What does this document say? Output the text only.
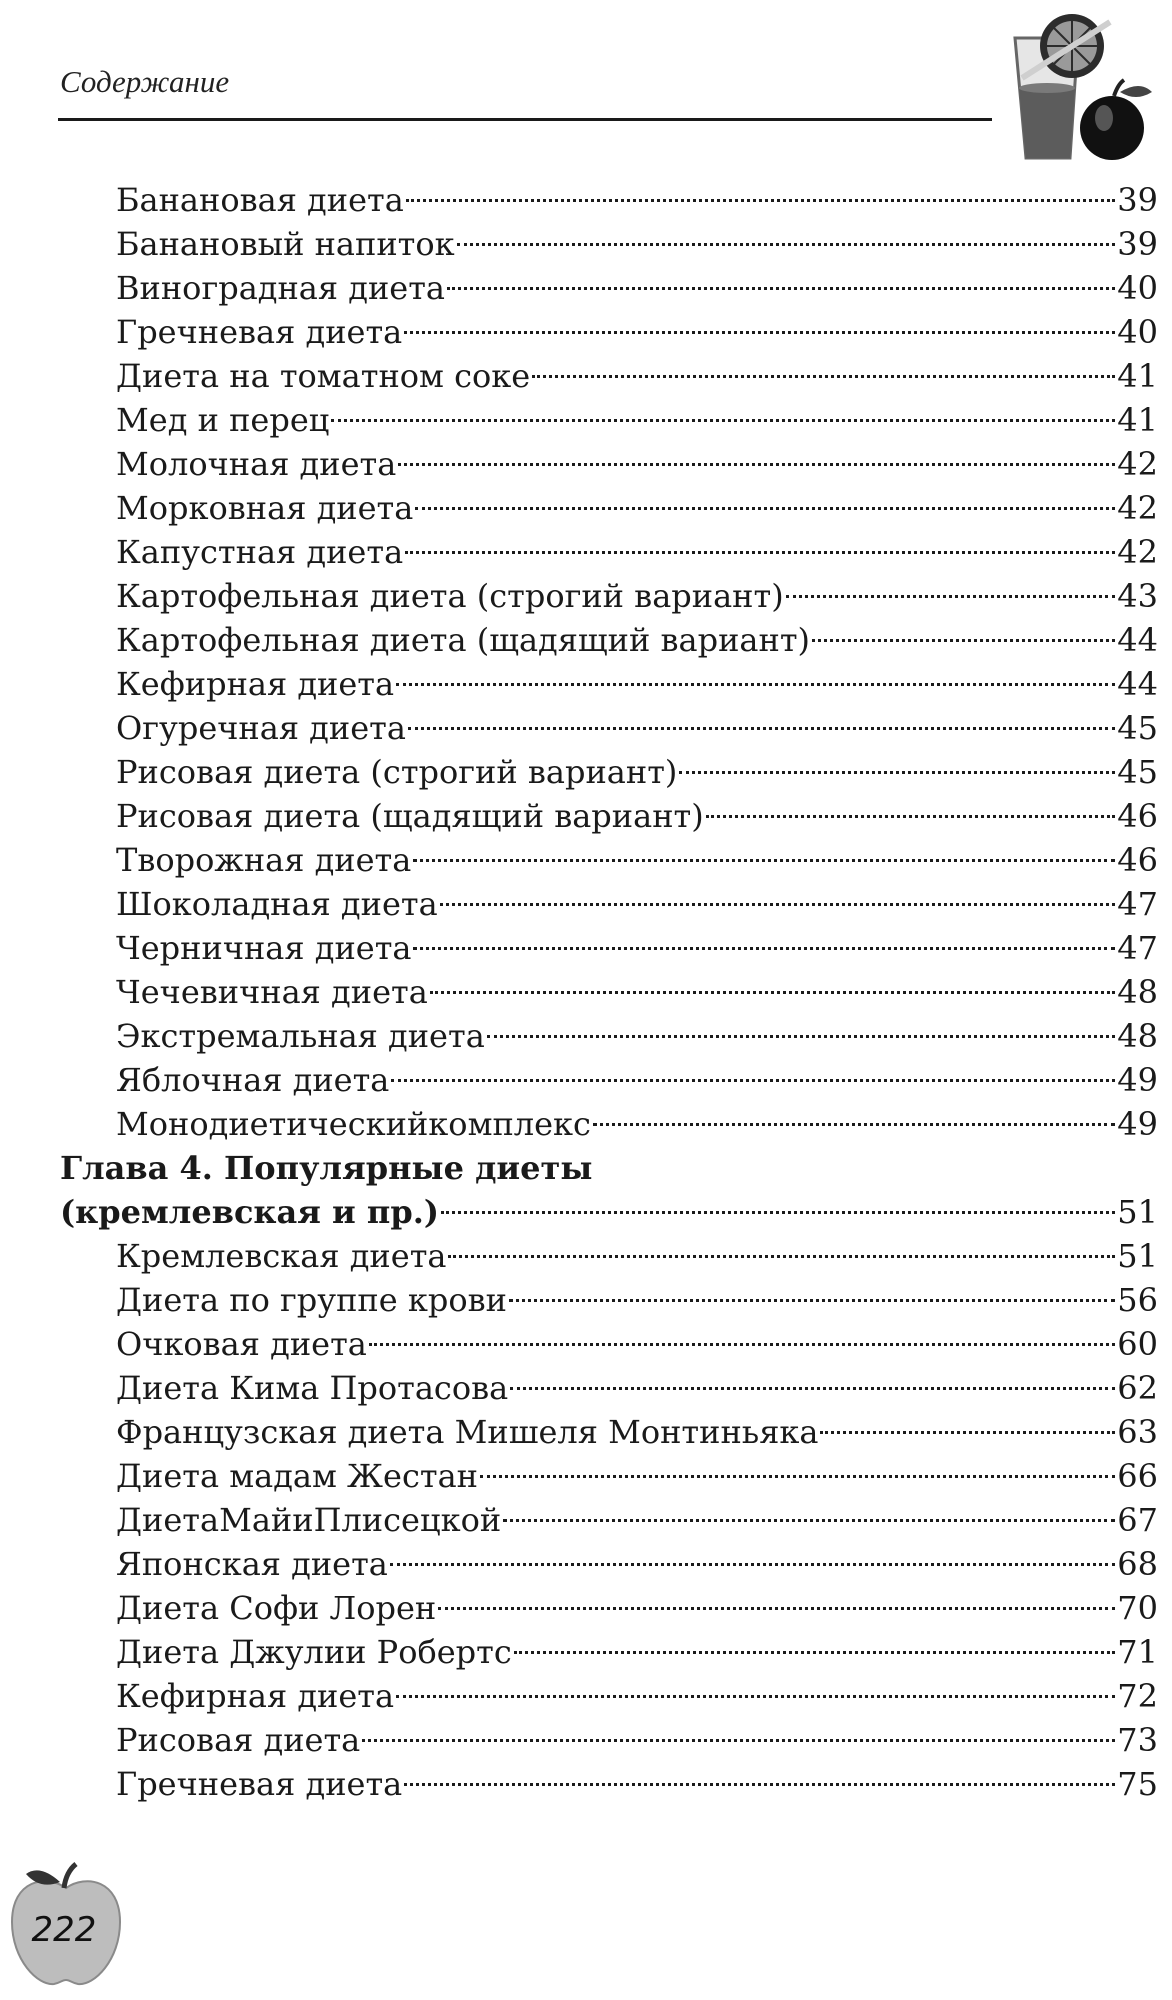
Содержание
Банановая диета	39
Банановый напиток	39
Виноградная диета	40
Гречневая диета	40
Диета на томатном соке	41
Мед и перец	41
Молочная диета	42
Морковная диета	42
Капустная диета	42
Картофельная диета (строгий вариант)	43
Картофельная диета (щадящий вариант)	44
Кефирная диета	44
Огуречная диета	45
Рисовая диета (строгий вариант)	45
Рисовая диета (щадящий вариант)	46
Творожная диета	46
Шоколадная диета	47
Черничная диета	47
Чечевичная диета	48
Экстремальная диета	48
Яблочная диета	49
Монодиетическийкомплекс	49
Глава 4. Популярные диеты
(кремлевская и пр.)	51
Кремлевская диета	51
Диета по группе крови	56
Очковая диета	60
Диета Кима Протасова	62
Французская диета Мишеля Монтиньяка	63
Диета мадам Жестан	66
ДиетаМайиПлисецкой	67
Японская диета	68
Диета Софи Лорен	70
Диета Джулии Робертс	71
Кефирная диета	72
Рисовая диета	73
Гречневая диета	75
222
